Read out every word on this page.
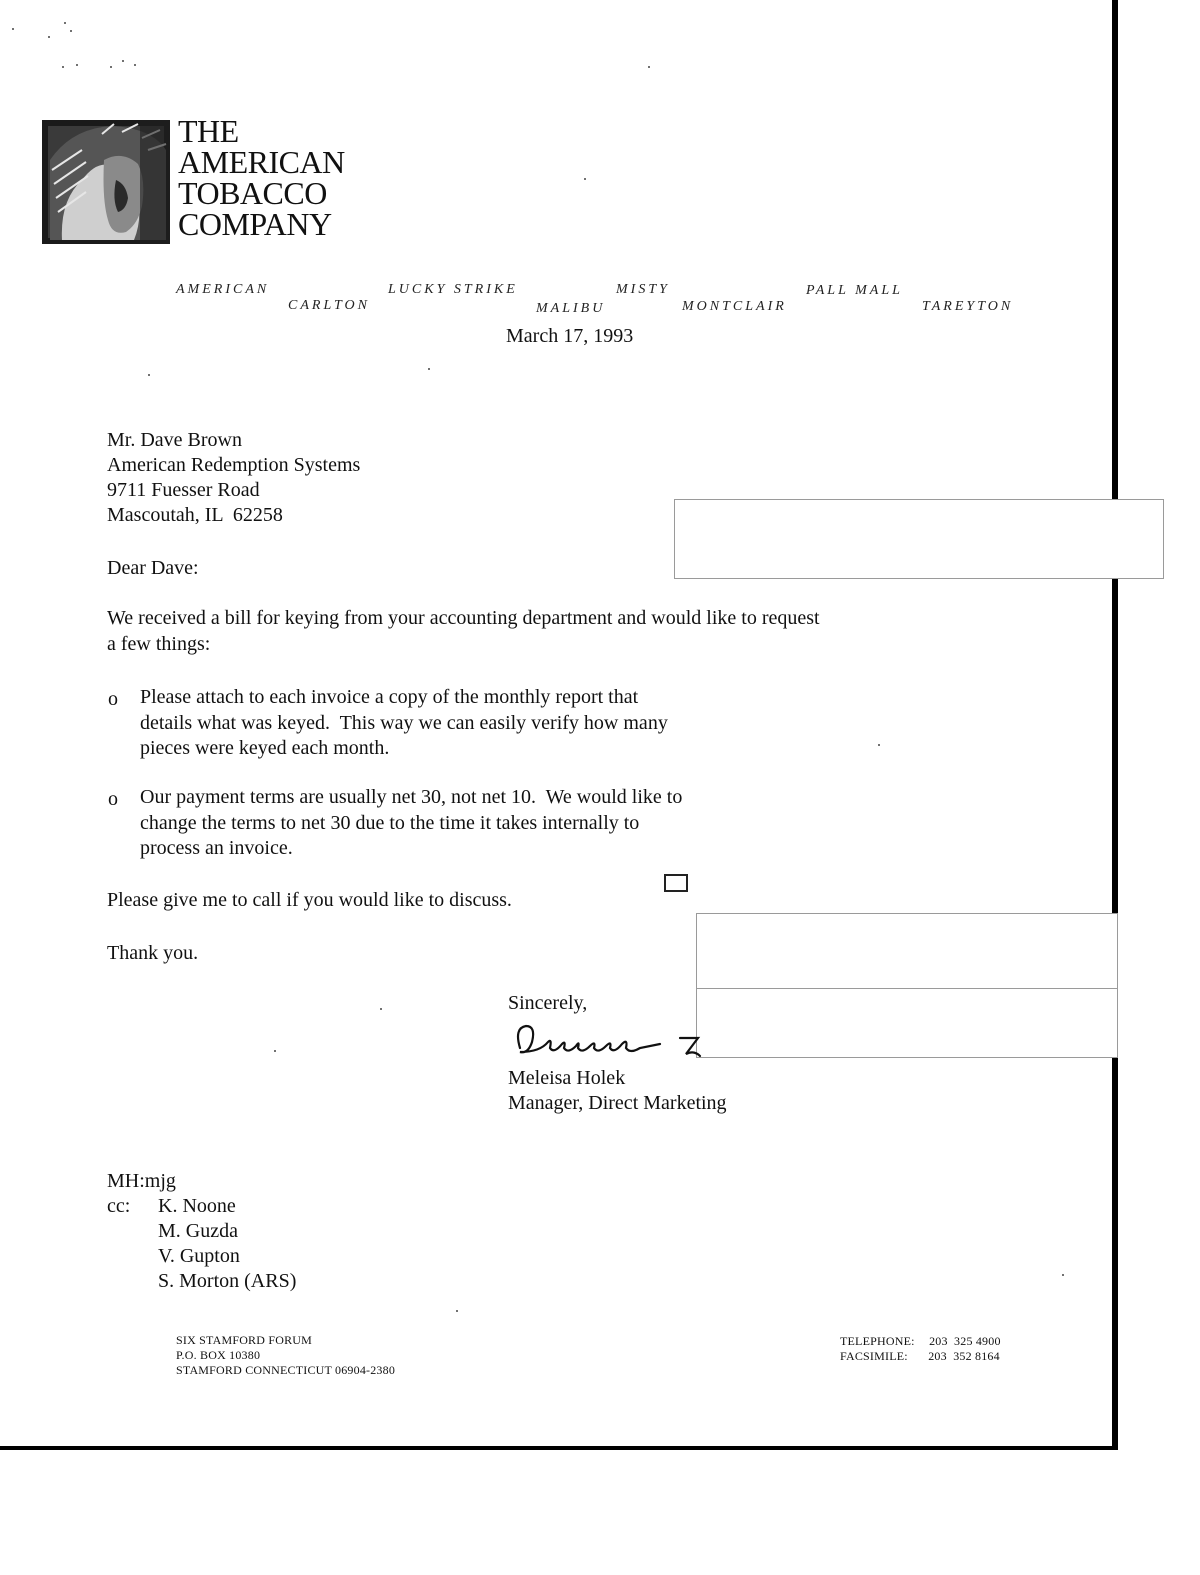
THE
AMERICAN
TOBACCO
COMPANY
AMERICAN
CARLTON
LUCKY STRIKE
MALIBU
MISTY
MONTCLAIR
PALL MALL
TAREYTON
March 17, 1993
Mr. Dave Brown
American Redemption Systems
9711 Fuesser Road
Mascoutah, IL  62258
Dear Dave:
We received a bill for keying from your accounting department and would like to request
a few things:
o Please attach to each invoice a copy of the monthly report that
details what was keyed.  This way we can easily verify how many
pieces were keyed each month.
o Our payment terms are usually net 30, not net 10.  We would like to
change the terms to net 30 due to the time it takes internally to
process an invoice.
Please give me to call if you would like to discuss.
Thank you.
Sincerely,
Meleisa Holek
Manager, Direct Marketing
MH:mjg
cc: K. Noone
M. Guzda
V. Gupton
S. Morton (ARS)
SIX STAMFORD FORUM
P.O. BOX 10380
STAMFORD CONNECTICUT 06904-2380
TELEPHONE: 203  325 4900
FACSIMILE: 203  352 8164
